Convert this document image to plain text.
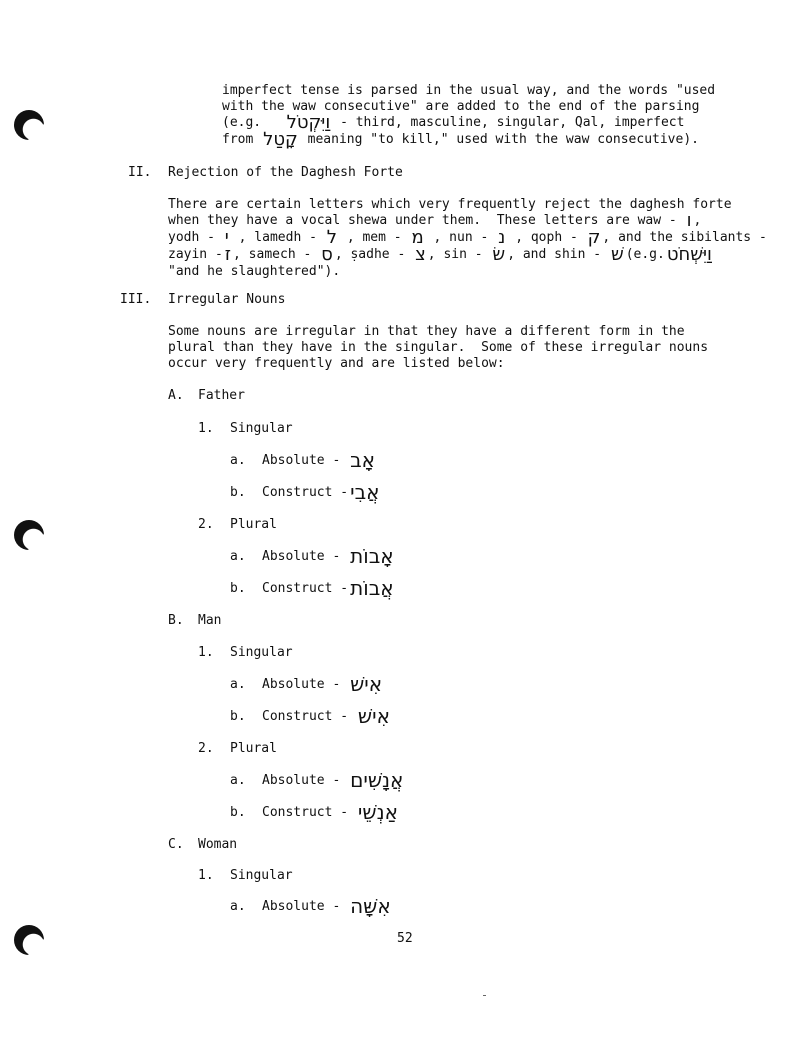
imperfect tense is parsed in the usual way, and the words "used
with the waw consecutive" are added to the end of the parsing
(e.g. וַיִּקְטֹל - third, masculine, singular, Qal, imperfect
from קָטַל meaning "to kill," used with the waw consecutive).
II. Rejection of the Daghesh Forte
There are certain letters which very frequently reject the daghesh forte
when they have a vocal shewa under them.  These letters are waw - ו ,
yodh - י , lamedh - ל , mem - מ , nun - נ , qoph - ק , and the sibilants -
zayin - ז , samech - ס , ṣadhe - צ , sin - שׂ , and shin - שׁ (e.g. וַיִּשְׁחֹט
"and he slaughtered").
III. Irregular Nouns
Some nouns are irregular in that they have a different form in the
plural than they have in the singular.  Some of these irregular nouns
occur very frequently and are listed below:
A. Father
1. Singular
a. Absolute - אָב
b. Construct - אֲבִי
2. Plural
a. Absolute - אָבוֹת
b. Construct - אֲבוֹת
B. Man
1. Singular
a. Absolute - אִישׁ
b. Construct - אִישׁ
2. Plural
a. Absolute - אֲנָשִׁים
b. Construct - אַנְשֵׁי
C. Woman
1. Singular
a. Absolute - אִשָּׁה
52
